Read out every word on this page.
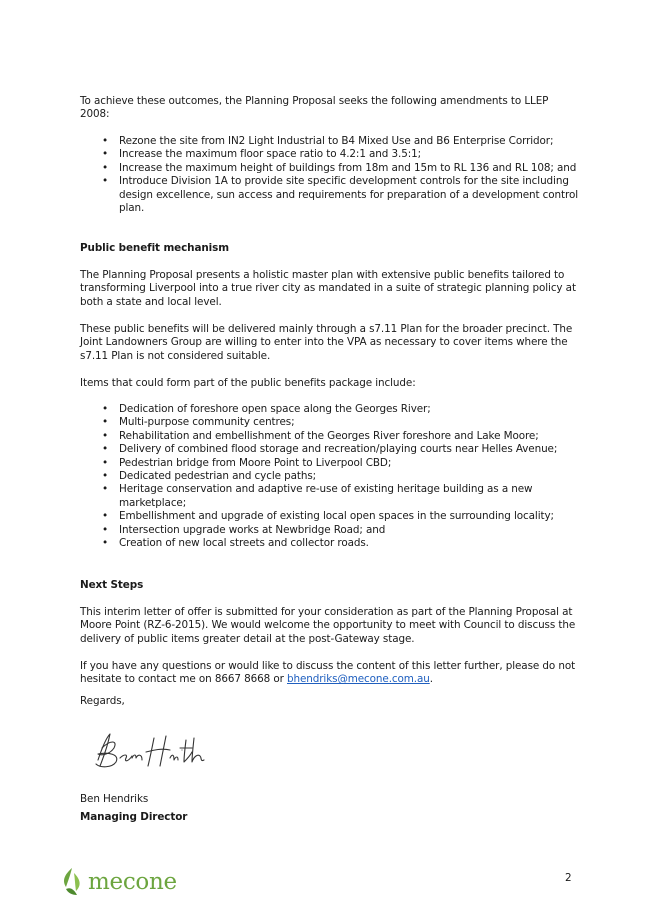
To achieve these outcomes, the Planning Proposal seeks the following amendments to LLEP 2008:

• Rezone the site from IN2 Light Industrial to B4 Mixed Use and B6 Enterprise Corridor;
• Increase the maximum floor space ratio to 4.2:1 and 3.5:1;
• Increase the maximum height of buildings from 18m and 15m to RL 136 and RL 108; and
• Introduce Division 1A to provide site specific development controls for the site including design excellence, sun access and requirements for preparation of a development control plan.

Public benefit mechanism

The Planning Proposal presents a holistic master plan with extensive public benefits tailored to transforming Liverpool into a true river city as mandated in a suite of strategic planning policy at both a state and local level.

These public benefits will be delivered mainly through a s7.11 Plan for the broader precinct. The Joint Landowners Group are willing to enter into the VPA as necessary to cover items where the s7.11 Plan is not considered suitable.

Items that could form part of the public benefits package include:

• Dedication of foreshore open space along the Georges River;
• Multi-purpose community centres;
• Rehabilitation and embellishment of the Georges River foreshore and Lake Moore;
• Delivery of combined flood storage and recreation/playing courts near Helles Avenue;
• Pedestrian bridge from Moore Point to Liverpool CBD;
• Dedicated pedestrian and cycle paths;
• Heritage conservation and adaptive re-use of existing heritage building as a new marketplace;
• Embellishment and upgrade of existing local open spaces in the surrounding locality;
• Intersection upgrade works at Newbridge Road; and
• Creation of new local streets and collector roads.

Next Steps

This interim letter of offer is submitted for your consideration as part of the Planning Proposal at Moore Point (RZ-6-2015). We would welcome the opportunity to meet with Council to discuss the delivery of public items greater detail at the post-Gateway stage.

If you have any questions or would like to discuss the content of this letter further, please do not hesitate to contact me on 8667 8668 or bhendriks@mecone.com.au.

Regards,

Ben Hendriks

Managing Director

mecone	2
